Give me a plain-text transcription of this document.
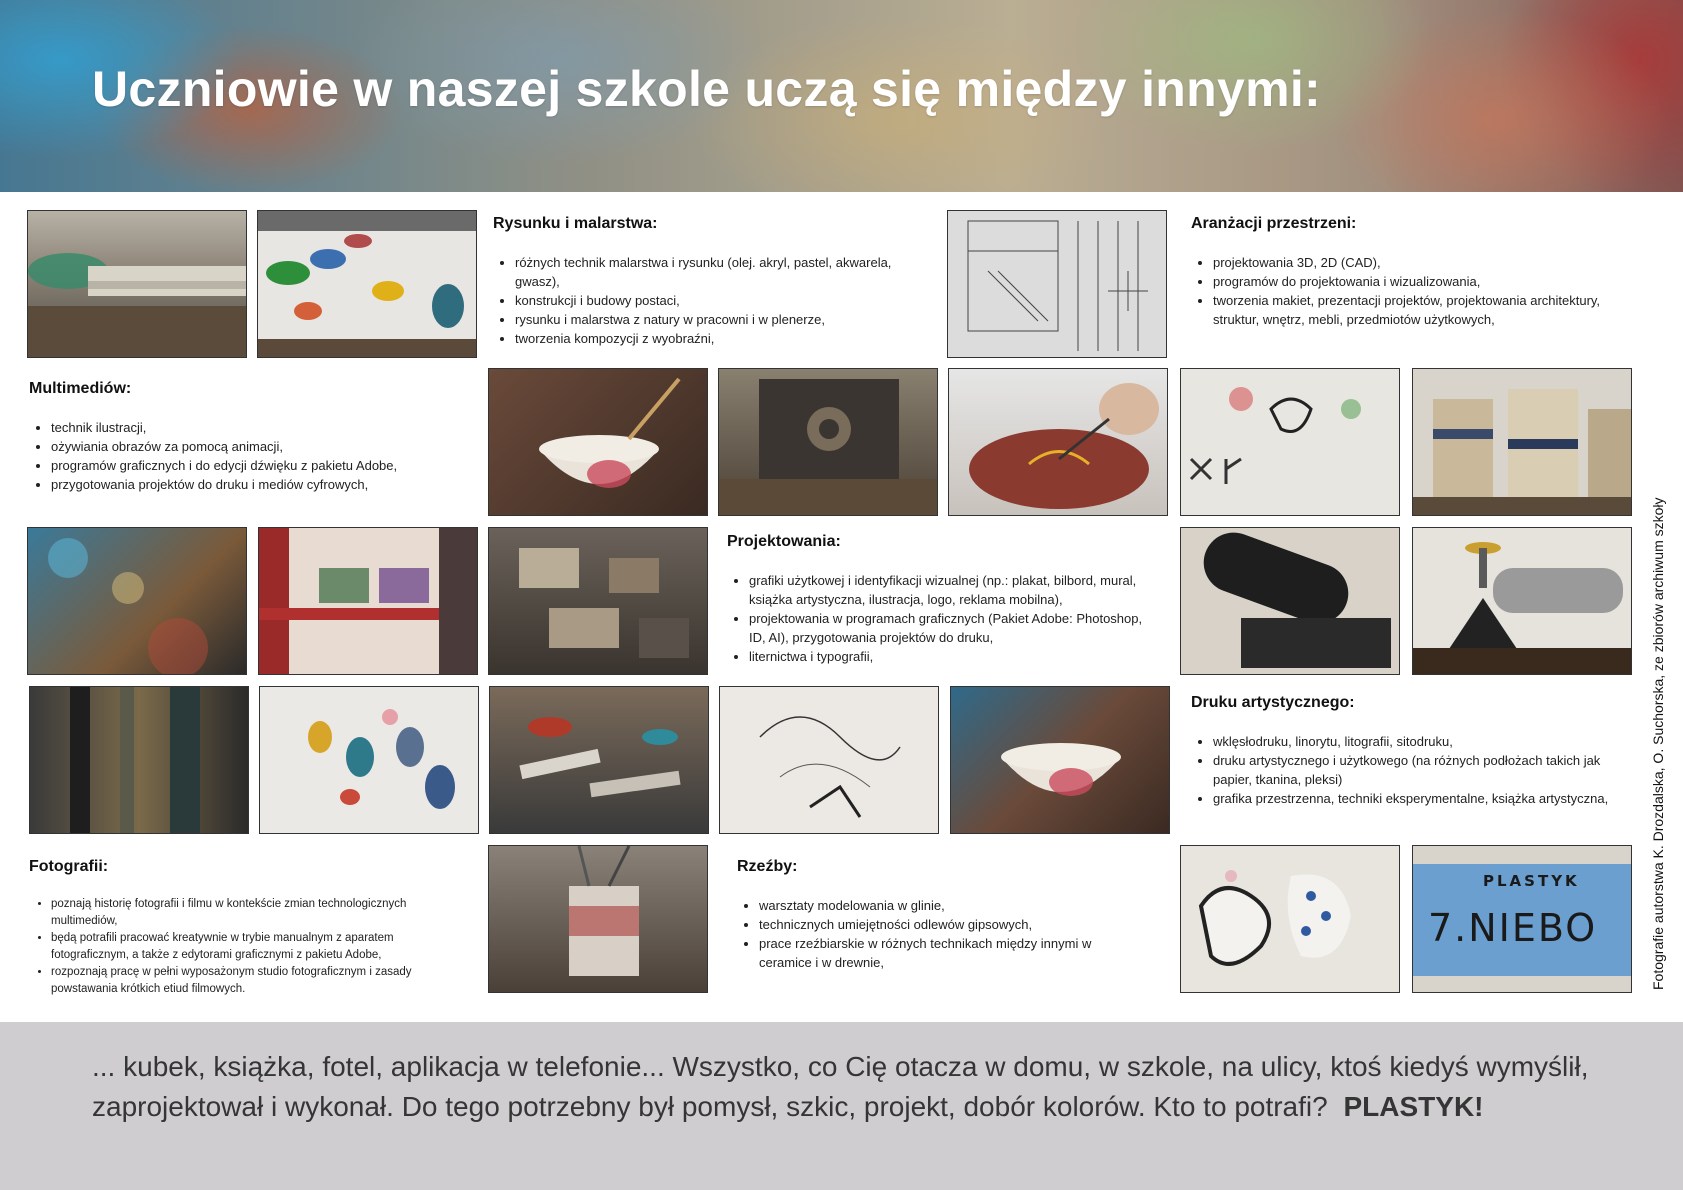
Uczniowie w naszej szkole uczą się między innymi:
PLASTYK
7.NIEBO
Rysunku i malarstwa:
• różnych technik malarstwa i rysunku (olej. akryl, pastel, akwarela, gwasz),
• konstrukcji i budowy postaci,
• rysunku i malarstwa z natury w pracowni i w plenerze,
• tworzenia kompozycji z wyobraźni,
Aranżacji przestrzeni:
• projektowania 3D, 2D (CAD),
• programów do projektowania i wizualizowania,
• tworzenia makiet, prezentacji projektów, projektowania architektury, struktur, wnętrz, mebli, przedmiotów użytkowych,
Multimediów:
• technik ilustracji,
• ożywiania obrazów za pomocą animacji,
• programów graficznych i do edycji dźwięku z pakietu Adobe,
• przygotowania projektów do druku i mediów cyfrowych,
Projektowania:
• grafiki użytkowej i identyfikacji wizualnej (np.: plakat, bilbord, mural, książka artystyczna, ilustracja, logo, reklama mobilna),
• projektowania w programach graficznych (Pakiet Adobe: Photoshop, ID, AI), przygotowania projektów do druku,
• liternictwa i typografii,
Druku artystycznego:
• wklęsłodruku, linorytu, litografii, sitodruku,
• druku artystycznego i użytkowego (na różnych podłożach takich jak papier, tkanina, pleksi)
• grafika przestrzenna, techniki eksperymentalne, książka artystyczna,
Fotografii:
• poznają historię fotografii i filmu w kontekście zmian technologicznych multimediów,
• będą potrafili pracować kreatywnie w trybie manualnym z aparatem fotograficznym, a także z edytorami graficznymi z pakietu Adobe,
• rozpoznają pracę w pełni wyposażonym studio fotograficznym i zasady powstawania krótkich etiud filmowych.
Rzeźby:
• warsztaty modelowania w glinie,
• technicznych umiejętności odlewów gipsowych,
• prace rzeźbiarskie w różnych technikach między innymi w ceramice i w drewnie,	Fotografie autorstwa K. Drozdalska, O. Suchorska, ze zbiorów archiwum szkoły

... kubek, książka, fotel, aplikacja w telefonie... Wszystko, co Cię otacza w domu, w szkole, na ulicy, ktoś kiedyś wymyślił, zaprojektował i wykonał. Do tego potrzebny był pomysł, szkic, projekt, dobór kolorów. Kto to potrafi? PLASTYK!
